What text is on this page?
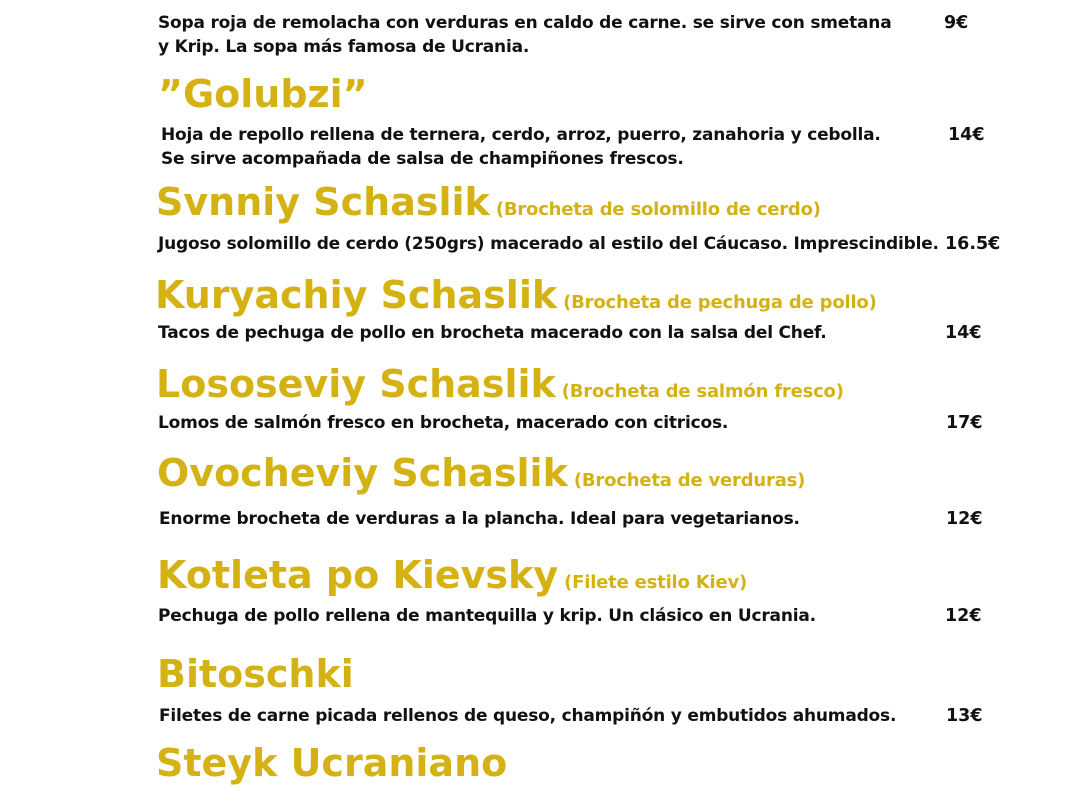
Sopa roja de remolacha con verduras en caldo de carne. se sirve con smetana
y Krip. La sopa más famosa de Ucrania.
9€
”Golubzi”
Hoja de repollo rellena de ternera, cerdo, arroz, puerro, zanahoria y cebolla.
Se sirve acompañada de salsa de champiñones frescos.
14€
Svnniy Schaslik (Brocheta de solomillo de cerdo)
Jugoso solomillo de cerdo (250grs) macerado al estilo del Cáucaso. Imprescindible. 16.5€
Kuryachiy Schaslik (Brocheta de pechuga de pollo)
Tacos de pechuga de pollo en brocheta macerado con la salsa del Chef.	14€
Lososeviy Schaslik (Brocheta de salmón fresco)
Lomos de salmón fresco en brocheta, macerado con citricos.	17€
Ovocheviy Schaslik (Brocheta de verduras)
Enorme brocheta de verduras a la plancha. Ideal para vegetarianos.	12€
Kotleta po Kievsky (Filete estilo Kiev)
Pechuga de pollo rellena de mantequilla y krip. Un clásico en Ucrania.	12€
Bitoschki
Filetes de carne picada rellenos de queso, champiñón y embutidos ahumados.	13€
Steyk Ucraniano
